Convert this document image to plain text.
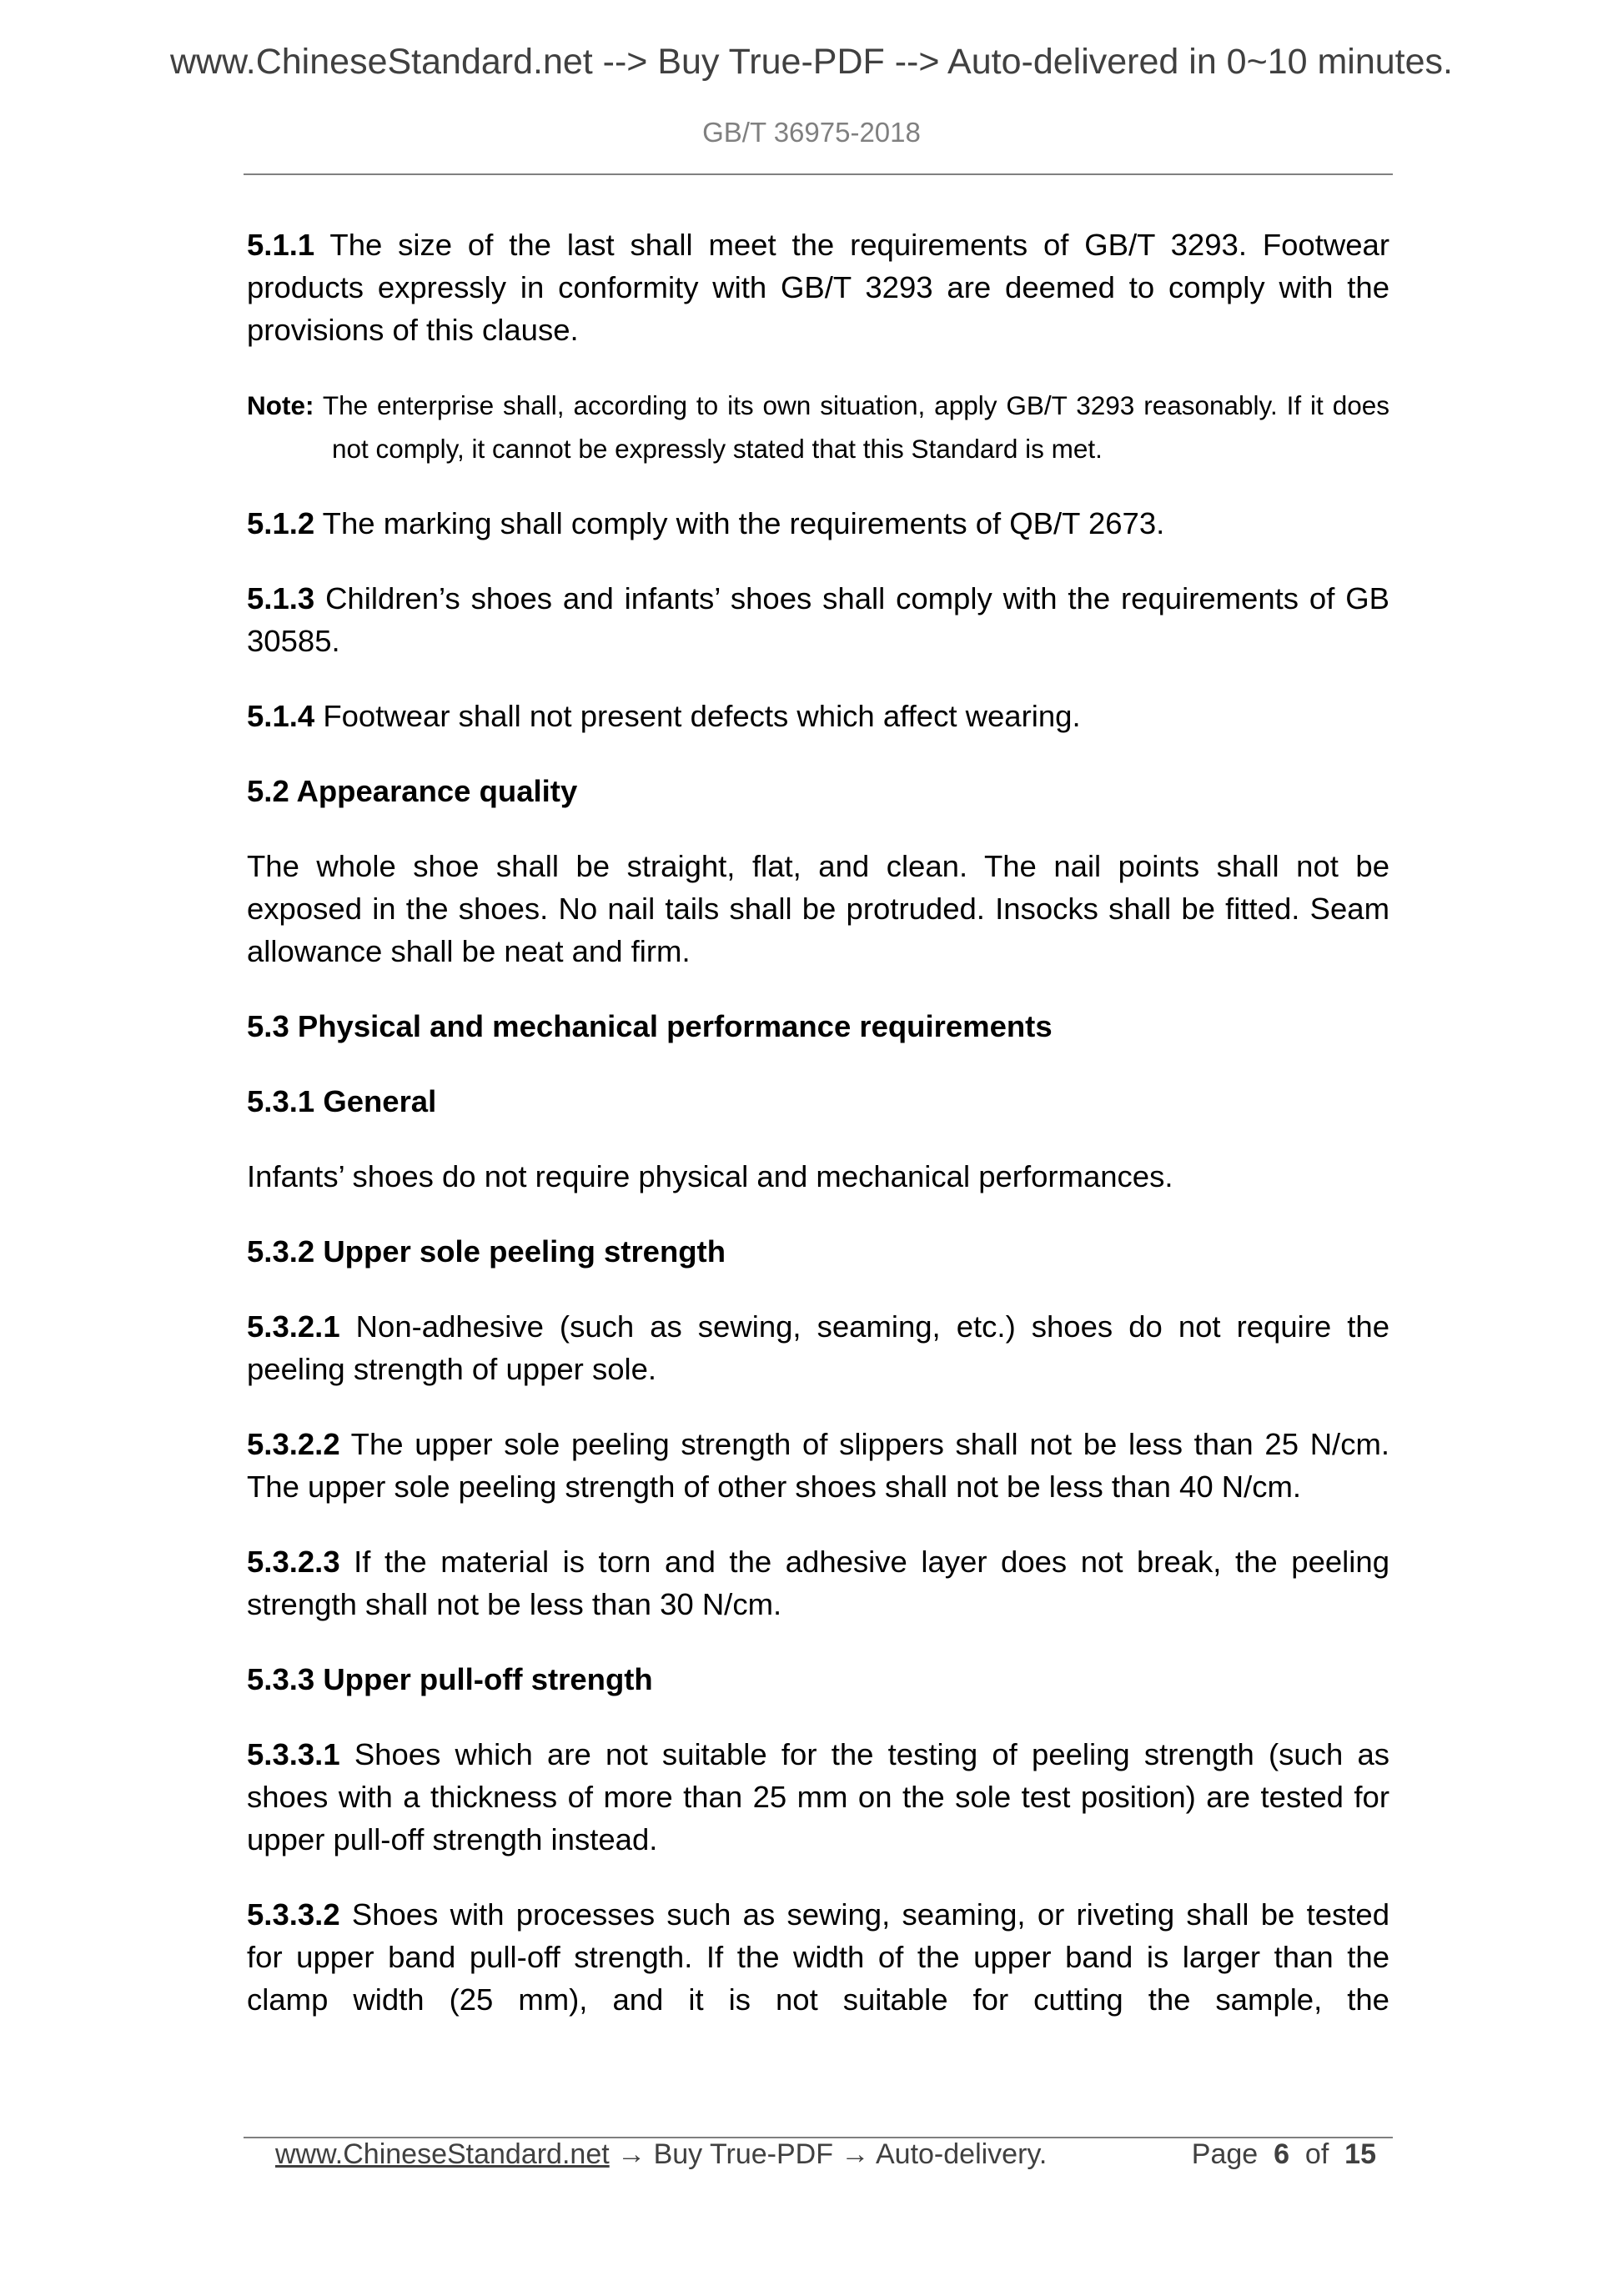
www.ChineseStandard.net --> Buy True-PDF --> Auto-delivered in 0~10 minutes.
GB/T 36975-2018

5.1.1 The size of the last shall meet the requirements of GB/T 3293. Footwear products expressly in conformity with GB/T 3293 are deemed to comply with the provisions of this clause.

Note: The enterprise shall, according to its own situation, apply GB/T 3293 reasonably. If it does not comply, it cannot be expressly stated that this Standard is met.

5.1.2 The marking shall comply with the requirements of QB/T 2673.

5.1.3 Children’s shoes and infants’ shoes shall comply with the requirements of GB 30585.

5.1.4 Footwear shall not present defects which affect wearing.

5.2 Appearance quality

The whole shoe shall be straight, flat, and clean. The nail points shall not be exposed in the shoes. No nail tails shall be protruded. Insocks shall be fitted. Seam allowance shall be neat and firm.

5.3 Physical and mechanical performance requirements

5.3.1 General

Infants’ shoes do not require physical and mechanical performances.

5.3.2 Upper sole peeling strength

5.3.2.1 Non-adhesive (such as sewing, seaming, etc.) shoes do not require the peeling strength of upper sole.

5.3.2.2 The upper sole peeling strength of slippers shall not be less than 25 N/cm. The upper sole peeling strength of other shoes shall not be less than 40 N/cm.

5.3.2.3 If the material is torn and the adhesive layer does not break, the peeling strength shall not be less than 30 N/cm.

5.3.3 Upper pull-off strength

5.3.3.1 Shoes which are not suitable for the testing of peeling strength (such as shoes with a thickness of more than 25 mm on the sole test position) are tested for upper pull-off strength instead.

5.3.3.2 Shoes with processes such as sewing, seaming, or riveting shall be tested for upper band pull-off strength. If the width of the upper band is larger than the clamp width (25 mm), and it is not suitable for cutting the sample, the

www.ChineseStandard.net → Buy True-PDF → Auto-delivery.	Page 6 of 15
